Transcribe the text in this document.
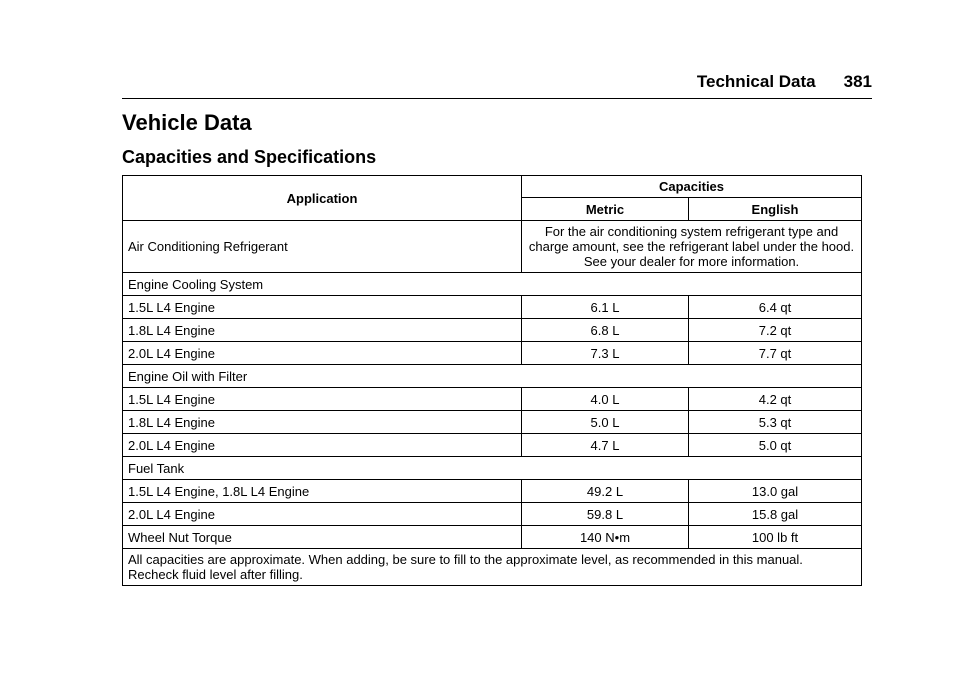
Technical Data 381
Vehicle Data
Capacities and Specifications
Application	Capacities	
	Metric	English
Air Conditioning Refrigerant	For the air conditioning system refrigerant type and charge amount, see the refrigerant label under the hood. See your dealer for more information.	
Engine Cooling System		
1.5L L4 Engine	6.1 L	6.4 qt
1.8L L4 Engine	6.8 L	7.2 qt
2.0L L4 Engine	7.3 L	7.7 qt
Engine Oil with Filter		
1.5L L4 Engine	4.0 L	4.2 qt
1.8L L4 Engine	5.0 L	5.3 qt
2.0L L4 Engine	4.7 L	5.0 qt
Fuel Tank		
1.5L L4 Engine, 1.8L L4 Engine	49.2 L	13.0 gal
2.0L L4 Engine	59.8 L	15.8 gal
Wheel Nut Torque	140 N•m	100 lb ft
All capacities are approximate. When adding, be sure to fill to the approximate level, as recommended in this manual. Recheck fluid level after filling.		
